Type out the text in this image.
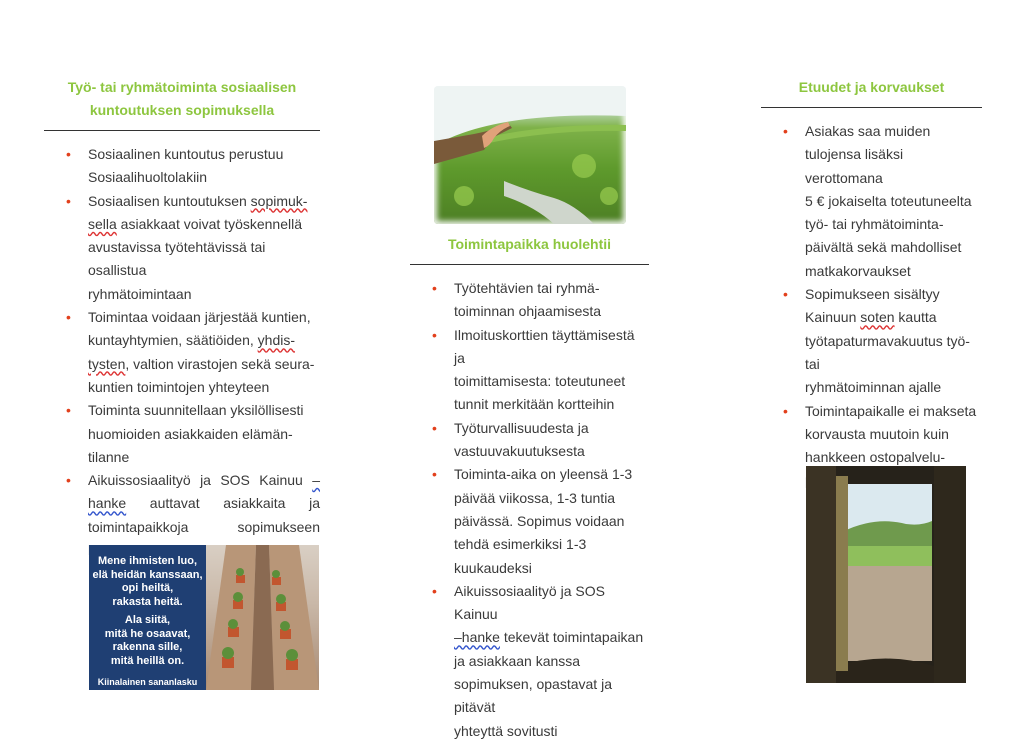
Työ- tai ryhmätoiminta sosiaalisen
kuntoutuksen sopimuksella
• Sosiaalinen kuntoutus perustuu
Sosiaalihuoltolakiin
• Sosiaalisen kuntoutuksen sopimuk-
sella asiakkaat voivat työskennellä
avustavissa työtehtävissä tai osallistua
ryhmätoimintaan
• Toimintaa voidaan järjestää kuntien,
kuntayhtymien, säätiöiden, yhdis-
tysten, valtion virastojen sekä seura-
kuntien toimintojen yhteyteen
• Toiminta suunnitellaan yksilöllisesti
huomioiden asiakkaiden elämän-
tilanne
• Aikuissosiaalityö ja SOS Kainuu – hanke auttavat asiakkaita ja toimintapaikkoja sopimukseen
Mene ihmisten luo,
elä heidän kanssaan,
opi heiltä,
rakasta heitä.
Ala siitä,
mitä he osaavat,
rakenna sille,
mitä heillä on.
Kiinalainen sananlasku
Toimintapaikka huolehtii
• Työtehtävien tai ryhmä-
toiminnan ohjaamisesta
• Ilmoituskorttien täyttämisestä ja
toimittamisesta: toteutuneet
tunnit merkitään kortteihin
• Työturvallisuudesta ja
vastuuvakuutuksesta
• Toiminta-aika on yleensä 1-3
päivää viikossa, 1-3 tuntia
päivässä. Sopimus voidaan
tehdä esimerkiksi 1-3
kuukaudeksi
• Aikuissosiaalityö ja SOS Kainuu
–hanke tekevät toimintapaikan
ja asiakkaan kanssa
sopimuksen, opastavat ja pitävät
yhteyttä sovitusti
Etuudet ja korvaukset
• Asiakas saa muiden
tulojensa lisäksi verottomana
5 € jokaiselta toteutuneelta
työ- tai ryhmätoiminta-
päivältä sekä mahdolliset
matkakorvaukset
• Sopimukseen sisältyy
Kainuun soten kautta
työtapaturmavakuutus työ- tai
ryhmätoiminnan ajalle
• Toimintapaikalle ei makseta
korvausta muutoin kuin
hankkeen ostopalvelu-
